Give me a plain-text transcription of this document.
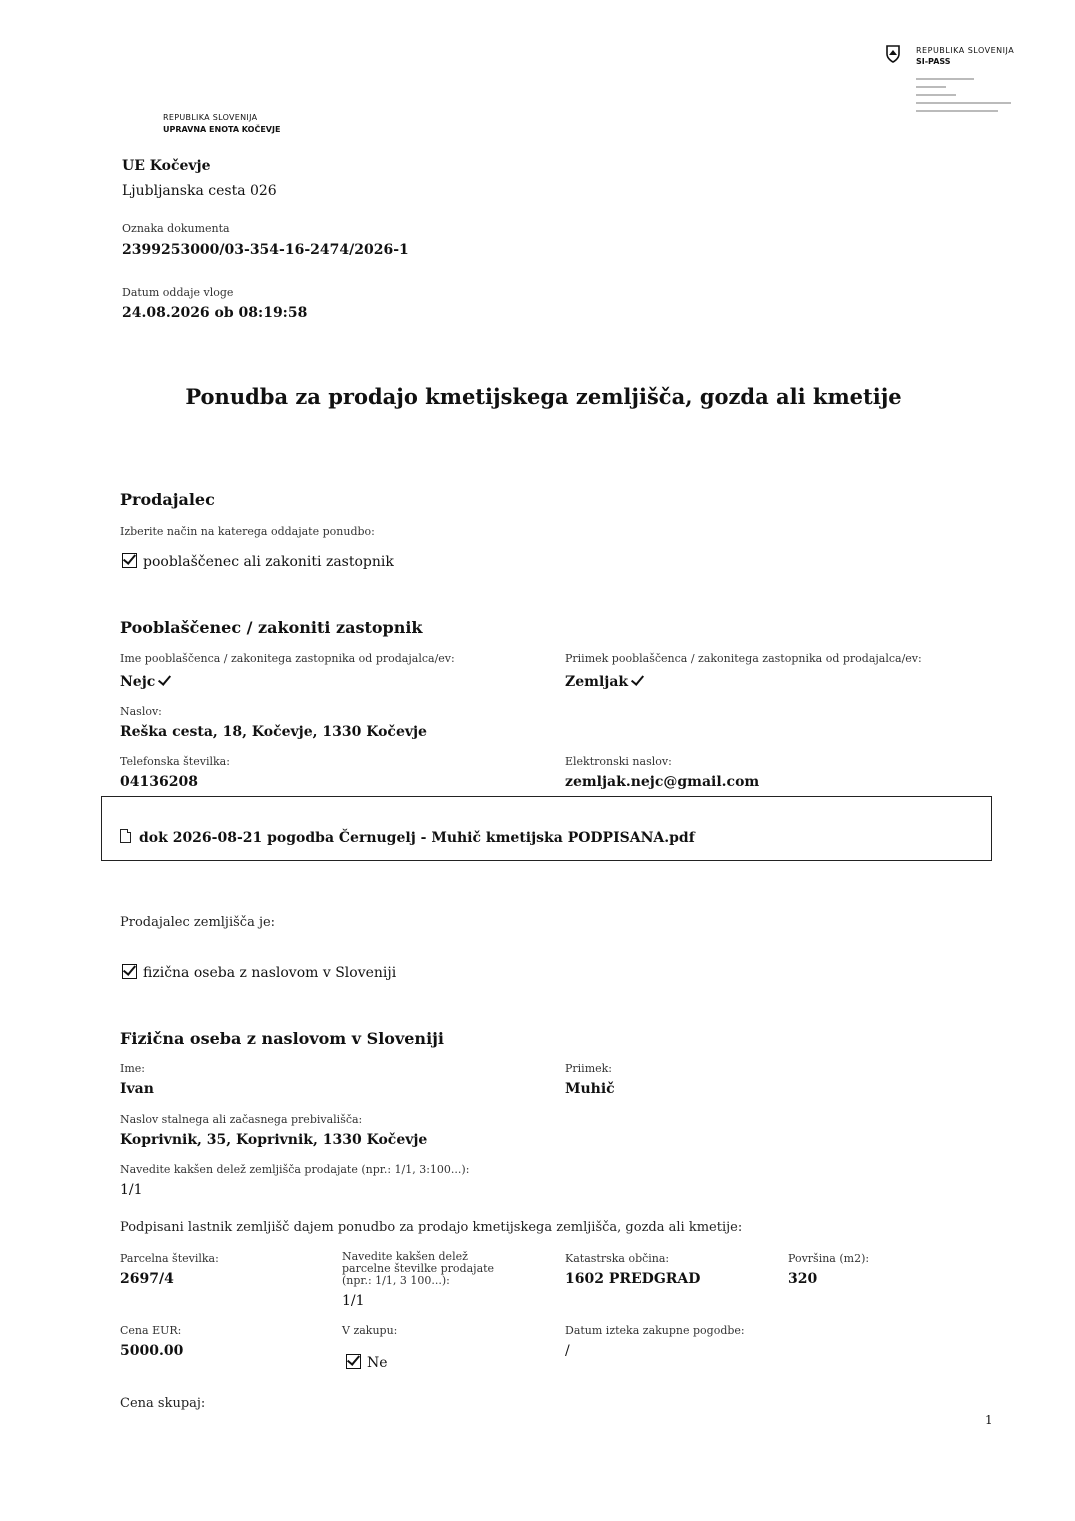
REPUBLIKA SLOVENIJA
SI-PASS
REPUBLIKA SLOVENIJA
UPRAVNA ENOTA KOČEVJE
UE Kočevje
Ljubljanska cesta 026
Oznaka dokumenta
2399253000/03-354-16-2474/2026-1
Datum oddaje vloge
24.08.2026 ob 08:19:58
Ponudba za prodajo kmetijskega zemljišča, gozda ali kmetije
Prodajalec
Izberite način na katerega oddajate ponudbo:
pooblaščenec ali zakoniti zastopnik
Pooblaščenec / zakoniti zastopnik
Ime pooblaščenca / zakonitega zastopnika od prodajalca/ev:
Nejc
Priimek pooblaščenca / zakonitega zastopnika od prodajalca/ev:
Zemljak
Naslov:
Reška cesta, 18, Kočevje, 1330 Kočevje
Telefonska številka:
04136208
Elektronski naslov:
zemljak.nejc@gmail.com
dok 2026-08-21 pogodba Černugelj - Muhič kmetijska PODPISANA.pdf
Prodajalec zemljišča je:
fizična oseba z naslovom v Sloveniji
Fizična oseba z naslovom v Sloveniji
Ime:
Ivan
Priimek:
Muhič
Naslov stalnega ali začasnega prebivališča:
Koprivnik, 35, Koprivnik, 1330 Kočevje
Navedite kakšen delež zemljišča prodajate (npr.: 1/1, 3:100...):
1/1
Podpisani lastnik zemljišč dajem ponudbo za prodajo kmetijskega zemljišča, gozda ali kmetije:
Parcelna številka:
2697/4
Navedite kakšen delež parcelne številke prodajate (npr.: 1/1, 3 100...):
1/1
Katastrska občina:
1602 PREDGRAD
Površina (m2):
320
Cena EUR:
5000.00
V zakupu:
Ne
Datum izteka zakupne pogodbe:
/
Cena skupaj:
1
